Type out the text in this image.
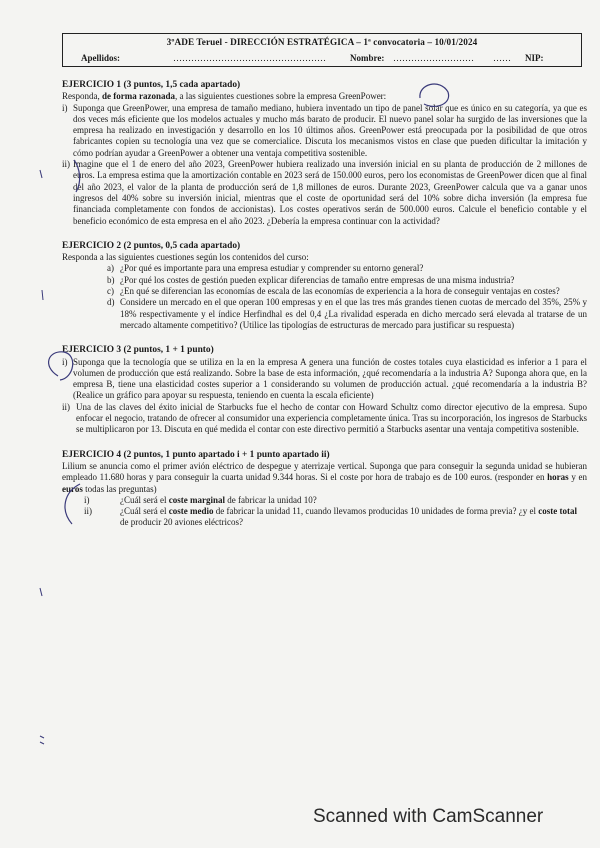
3ºADE Teruel - DIRECCIÓN ESTRATÉGICA – 1ª convocatoria – 10/01/2024
Apellidos:	……………………………………………	Nombre: ……………………… …… NIP:
EJERCICIO 1 (3 puntos, 1,5 cada apartado)

Responda, de forma razonada, a las siguientes cuestiones sobre la empresa GreenPower:

i) Suponga que GreenPower, una empresa de tamaño mediano, hubiera inventado un tipo de panel solar que es único en su categoría, ya que es dos veces más eficiente que los modelos actuales y mucho más barato de producir. El nuevo panel solar ha surgido de las inversiones que la empresa ha realizado en investigación y desarrollo en los 10 últimos años. GreenPower está preocupada por la posibilidad de que otros fabricantes copien su tecnología una vez que se comercialice. Discuta los mecanismos vistos en clase que pueden dificultar la imitación y cómo podrían ayudar a GreenPower a obtener una ventaja competitiva sostenible.
ii) Imagine que el 1 de enero del año 2023, GreenPower hubiera realizado una inversión inicial en su planta de producción de 2 millones de euros. La empresa estima que la amortización contable en 2023 será de 150.000 euros, pero los economistas de GreenPower dicen que al final del año 2023, el valor de la planta de producción será de 1,8 millones de euros. Durante 2023, GreenPower calcula que va a ganar unos ingresos del 40% sobre su inversión inicial, mientras que el coste de oportunidad será del 10% sobre dicha inversión (la empresa fue financiada completamente con fondos de accionistas). Los costes operativos serán de 500.000 euros. Calcule el beneficio contable y el beneficio económico de esta empresa en el año 2023. ¿Debería la empresa continuar con la actividad?
EJERCICIO 2 (2 puntos, 0,5 cada apartado)

Responda a las siguientes cuestiones según los contenidos del curso:

a) ¿Por qué es importante para una empresa estudiar y comprender su entorno general?
b) ¿Por qué los costes de gestión pueden explicar diferencias de tamaño entre empresas de una misma industria?
c) ¿En qué se diferencian las economías de escala de las economías de experiencia a la hora de conseguir ventajas en costes?
d) Considere un mercado en el que operan 100 empresas y en el que las tres más grandes tienen cuotas de mercado del 35%, 25% y 18% respectivamente y el índice Herfindhal es del 0,4 ¿La rivalidad esperada en dicho mercado será elevada al tratarse de un mercado altamente competitivo? (Utilice las tipologías de estructuras de mercado para justificar su respuesta)
EJERCICIO 3 (2 puntos, 1 + 1 punto)
i) Suponga que la tecnología que se utiliza en la en la empresa A genera una función de costes totales cuya elasticidad es inferior a 1 para el volumen de producción que está realizando. Sobre la base de esta información, ¿qué recomendaría a la industria A? Suponga ahora que, en la empresa B, tiene una elasticidad costes superior a 1 considerando su volumen de producción actual. ¿qué recomendaría a la industria B? (Realice un gráfico para apoyar su respuesta, teniendo en cuenta la escala eficiente)
ii) Una de las claves del éxito inicial de Starbucks fue el hecho de contar con Howard Schultz como director ejecutivo de la empresa. Supo enfocar el negocio, tratando de ofrecer al consumidor una experiencia completamente única. Tras su incorporación, los ingresos de Starbucks se multiplicaron por 13. Discuta en qué medida el contar con este directivo permitió a Starbucks asentar una ventaja competitiva sostenible.
EJERCICIO 4 (2 puntos, 1 punto apartado i + 1 punto apartado ii)

Lilium se anuncia como el primer avión eléctrico de despegue y aterrizaje vertical. Suponga que para conseguir la segunda unidad se hubieran empleado 11.680 horas y para conseguir la cuarta unidad 9.344 horas. Si el coste por hora de trabajo es de 100 euros. (responder en horas y en euros todas las preguntas)

i)	¿Cuál será el coste marginal de fabricar la unidad 10?
ii)	¿Cuál será el coste medio de fabricar la unidad 11, cuando llevamos producidas 10 unidades de forma previa? ¿y el coste total de producir 20 aviones eléctricos?
Scanned with CamScanner
